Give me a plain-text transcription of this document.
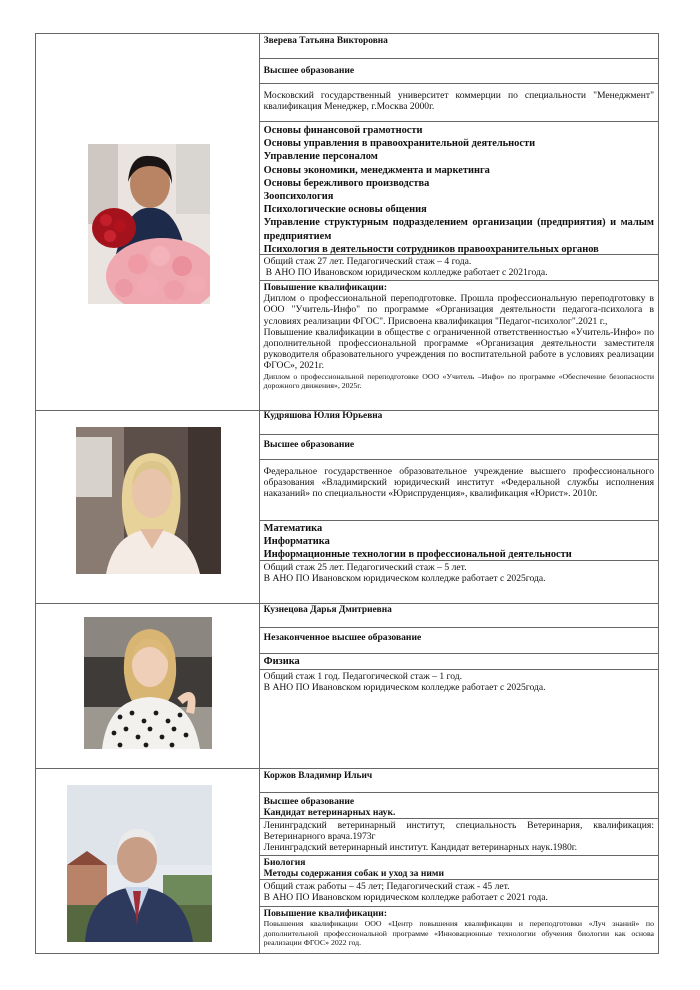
Зверева Татьяна Викторовна
Высшее образование
Московский государственный университет коммерции по специальности "Менеджмент" квалификация Менеджер, г.Москва 2000г.

Основы финансовой грамотности

Основы управления в правоохранительной деятельности

Управление персоналом

Основы экономики, менеджмента и маркетинга

Основы бережливого производства

Зоопсихология

Психологические основы общения

Управление структурным подразделением организации (предприятия) и малым предприятием

Психология в деятельности сотрудников правоохранительных органов

Общий стаж 27 лет. Педагогический стаж – 4 года.

В АНО ПО Ивановском юридическом колледже работает с 2021года.

Повышение квалификации:

Диплом о профессиональной переподготовке. Прошла профессиональную переподготовку в ООО "Учитель-Инфо" по программе «Организация деятельности педагога-психолога в условиях реализации ФГОС". Присвоена квалификация "Педагог-психолог".2021 г.,

Повышение квалификации в обществе с ограниченной ответственностью «Учитель-Инфо» по дополнительной профессиональной программе «Организация деятельности заместителя руководителя образовательного учреждения по воспитательной работе в условиях реализации ФГОС», 2021г.

Диплом о профессиональной переподготовке ООО «Учитель –Инфо» по программе «Обеспечение безопасности дорожного движения», 2025г.

Кудряшова Юлия Юрьевна
Высшее образование
Федеральное государственное образовательное учреждение высшего профессионального образования «Владимирский юридический институт «Федеральной службы исполнения наказаний» по специальности «Юриспруденция», квалификация «Юрист». 2010г.

Математика

Информатика

Информационные технологии в профессиональной деятельности

Общий стаж 25 лет. Педагогический стаж – 5 лет.

В АНО ПО Ивановском юридическом колледже работает с 2025года.

Кузнецова Дарья Дмитриевна
Незаконченное высшее образование

Физика

Общий стаж 1 год. Педагогической стаж – 1 год.

В АНО ПО Ивановском юридическом колледже работает с 2025года.

Коржов Владимир Ильич

Высшее образование

Кандидат ветеринарных наук.

Ленинградский ветеринарный институт, специальность Ветеринария, квалификация: Ветеринарного врача.1973г

Ленинградский ветеринарный институт. Кандидат ветеринарных наук.1980г.

Биология

Методы содержания собак и уход за ними

Общий стаж работы – 45 лет; Педагогический стаж - 45 лет.

В АНО ПО Ивановском юридическом колледже работает с 2021 года.

Повышение квалификации:

Повышения квалификации ООО «Центр повышения квалификации и переподготовки «Луч знаний» по дополнительной профессиональной программе «Инновационные технологии обучения биологии как основа реализации ФГОС» 2022 год.
